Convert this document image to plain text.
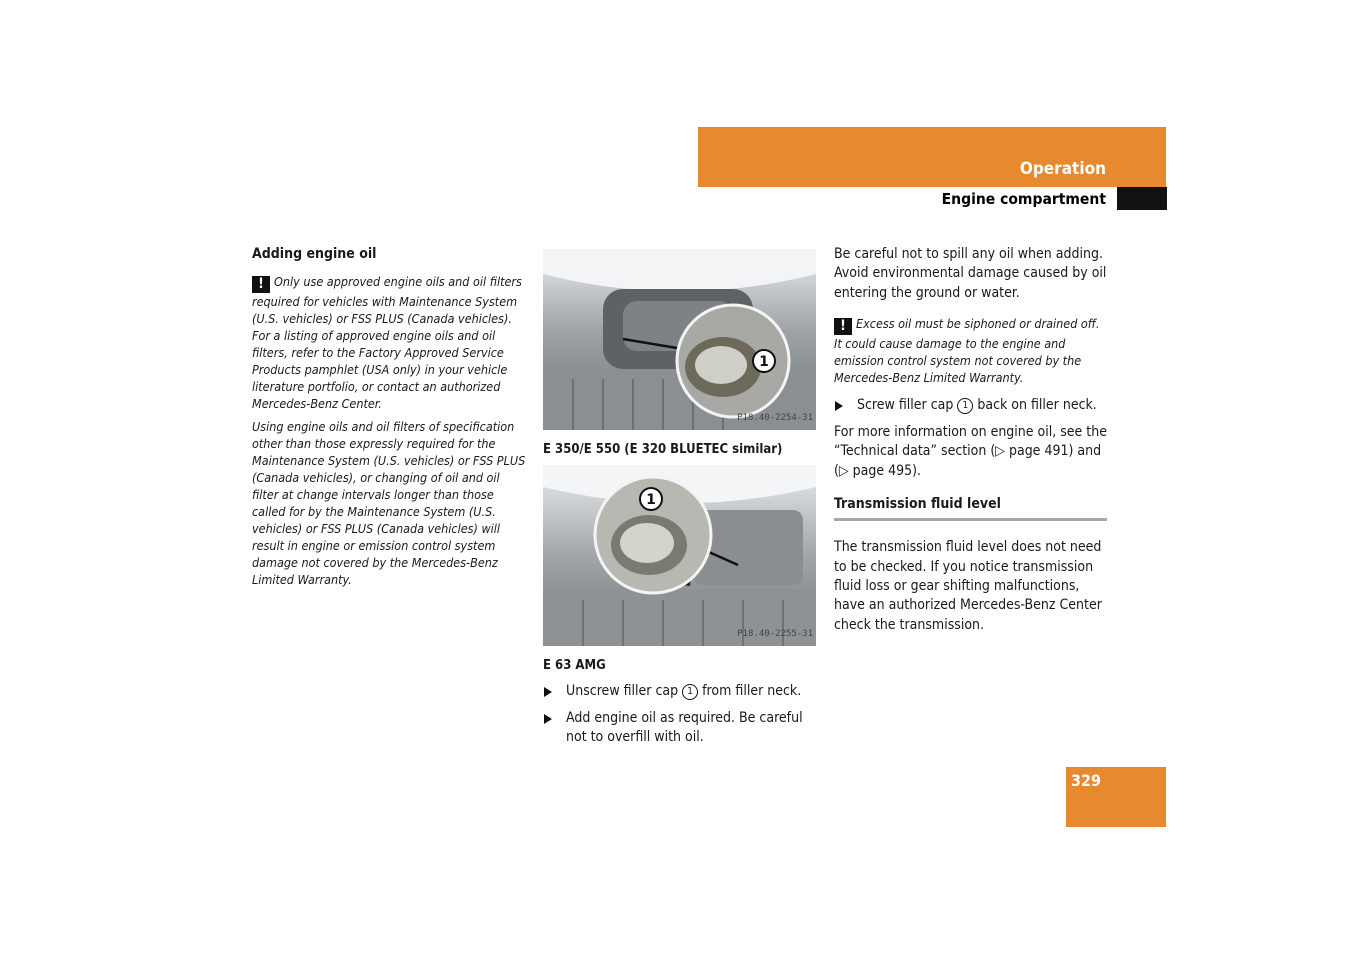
Operation
Engine compartment
Adding engine oil
! Only use approved engine oils and oil filters required for vehicles with Maintenance System (U.S. vehicles) or FSS PLUS (Canada vehicles). For a listing of approved engine oils and oil filters, refer to the Factory Approved Service Products pamphlet (USA only) in your vehicle literature portfolio, or contact an authorized Mercedes-Benz Center.
Using engine oils and oil filters of specification other than those expressly required for the Maintenance System (U.S. vehicles) or FSS PLUS (Canada vehicles), or changing of oil and oil filter at change intervals longer than those called for by the Maintenance System (U.S. vehicles) or FSS PLUS (Canada vehicles) will result in engine or emission control system damage not covered by the Mercedes-Benz Limited Warranty.
1
P18.40-2254-31
E 350/E 550 (E 320 BLUETEC similar)
1
P18.40-2255-31
E 63 AMG
Unscrew filler cap 1 from filler neck.
Add engine oil as required. Be careful not to overfill with oil.

Be careful not to spill any oil when adding. Avoid environmental damage caused by oil entering the ground or water.

! Excess oil must be siphoned or drained off. It could cause damage to the engine and emission control system not covered by the Mercedes-Benz Limited Warranty.
Screw filler cap 1 back on filler neck.

For more information on engine oil, see the “Technical data” section (▷ page 491) and (▷ page 495).

Transmission fluid level

The transmission fluid level does not need to be checked. If you notice transmission fluid loss or gear shifting malfunctions, have an authorized Mercedes-Benz Center check the transmission.

329
